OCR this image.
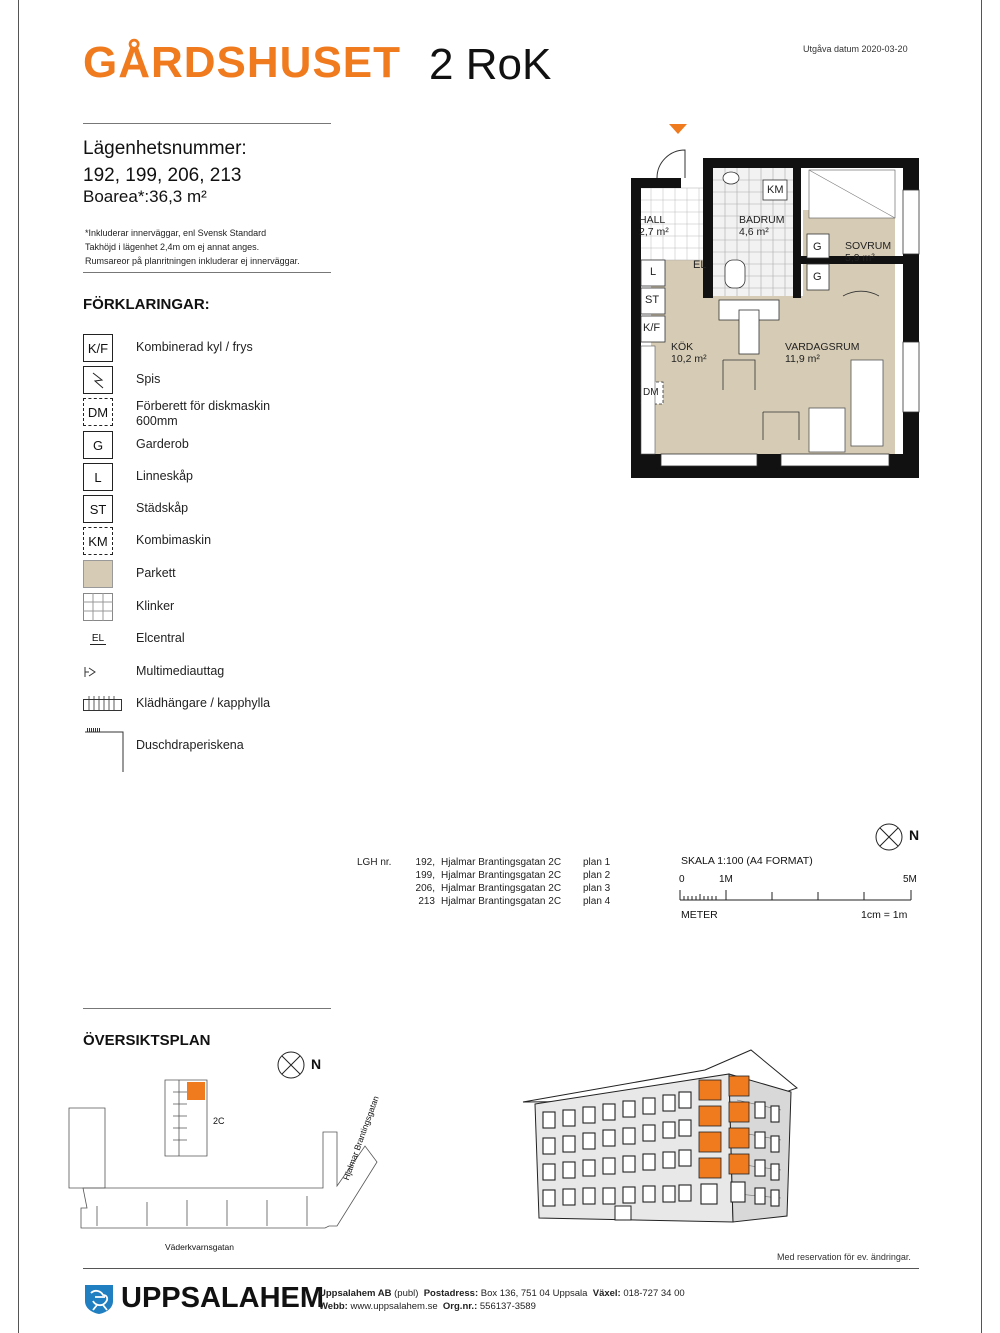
GÅRDSHUSET 2 RoK	Utgåva datum 2020-03-20
Lägenhetsnummer:
192, 199, 206, 213
Boarea*:36,3 m²
*Inkluderar innerväggar, enl Svensk Standard
Takhöjd i lägenhet 2,4m om ej annat anges.
Rumsareor på planritningen inkluderar ej innerväggar.
FÖRKLARINGAR:
K/F	Kombinerad kyl / frys
Spis
DM	Förberett för diskmaskin
600mm
G	Garderob
L	Linneskåp
ST	Städskåp
KM	Kombimaskin
Parkett
Klinker
EL	Elcentral
Multimediauttag
Klädhängare / kapphylla
Duschdraperiskena
HALL
2,7 m²
BADRUM
4,6 m²
SOVRUM
5,9 m²
KÖK
10,2 m²
VARDAGSRUM
11,9 m²
KM
EL
L
ST
K/F
DM
G
G
LGH nr.	192, Hjalmar Brantingsgatan 2C	plan 1
199, Hjalmar Brantingsgatan 2C	plan 2
206, Hjalmar Brantingsgatan 2C	plan 3
213 Hjalmar Brantingsgatan 2C	plan 4
N
SKALA 1:100 (A4 FORMAT)
0	1M	5M
METER	1cm = 1m
ÖVERSIKTSPLAN
N
2C
Väderkvarnsgatan
Hjalmar Brantingsgatan
Med reservation för ev. ändringar.
UPPSALAHEM
Uppsalahem AB (publ) Postadress: Box 136, 751 04 Uppsala Växel: 018-727 34 00
Webb: www.uppsalahem.se Org.nr.: 556137-3589
